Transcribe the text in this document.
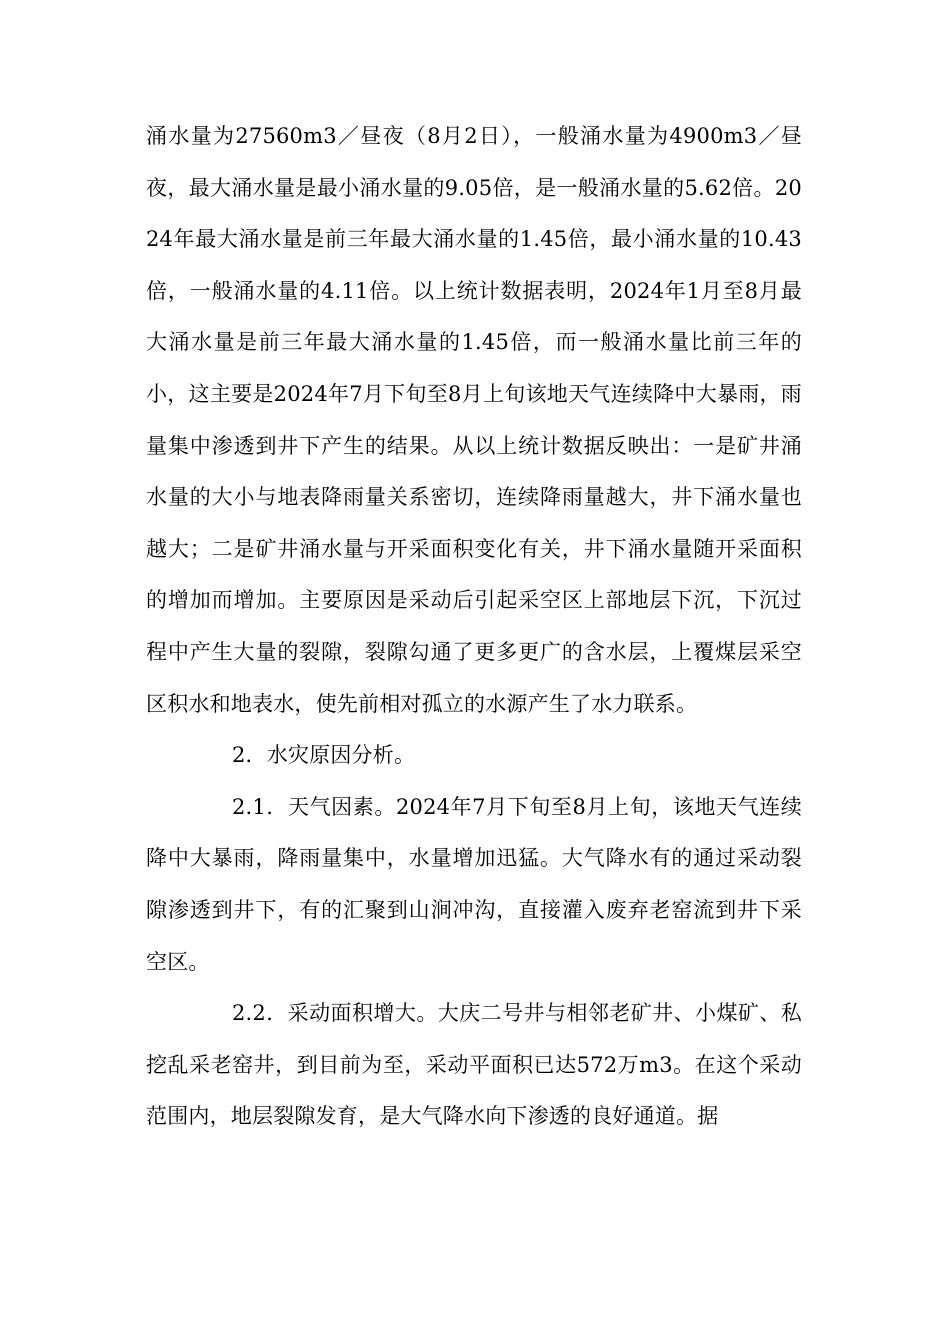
涌水量为27560m3／昼夜（8月2日），一般涌水量为4900m3／昼夜，最大涌水量是最小涌水量的9.05倍，是一般涌水量的5.62倍。2024年最大涌水量是前三年最大涌水量的1.45倍，最小涌水量的10.43倍，一般涌水量的4.11倍。以上统计数据表明，2024年1月至8月最大涌水量是前三年最大涌水量的1.45倍，而一般涌水量比前三年的小，这主要是2024年7月下旬至8月上旬该地天气连续降中大暴雨，雨量集中渗透到井下产生的结果。从以上统计数据反映出：一是矿井涌水量的大小与地表降雨量关系密切，连续降雨量越大，井下涌水量也越大；二是矿井涌水量与开采面积变化有关，井下涌水量随开采面积的增加而增加。主要原因是采动后引起采空区上部地层下沉，下沉过程中产生大量的裂隙，裂隙勾通了更多更广的含水层，上覆煤层采空区积水和地表水，使先前相对孤立的水源产生了水力联系。

2．水灾原因分析。

2.1．天气因素。2024年7月下旬至8月上旬，该地天气连续降中大暴雨，降雨量集中，水量增加迅猛。大气降水有的通过采动裂隙渗透到井下，有的汇聚到山涧冲沟，直接灌入废弃老窑流到井下采空区。

2.2．采动面积增大。大庆二号井与相邻老矿井、小煤矿、私挖乱采老窑井，到目前为至，采动平面积已达572万m3。在这个采动范围内，地层裂隙发育，是大气降水向下渗透的良好通道。据
